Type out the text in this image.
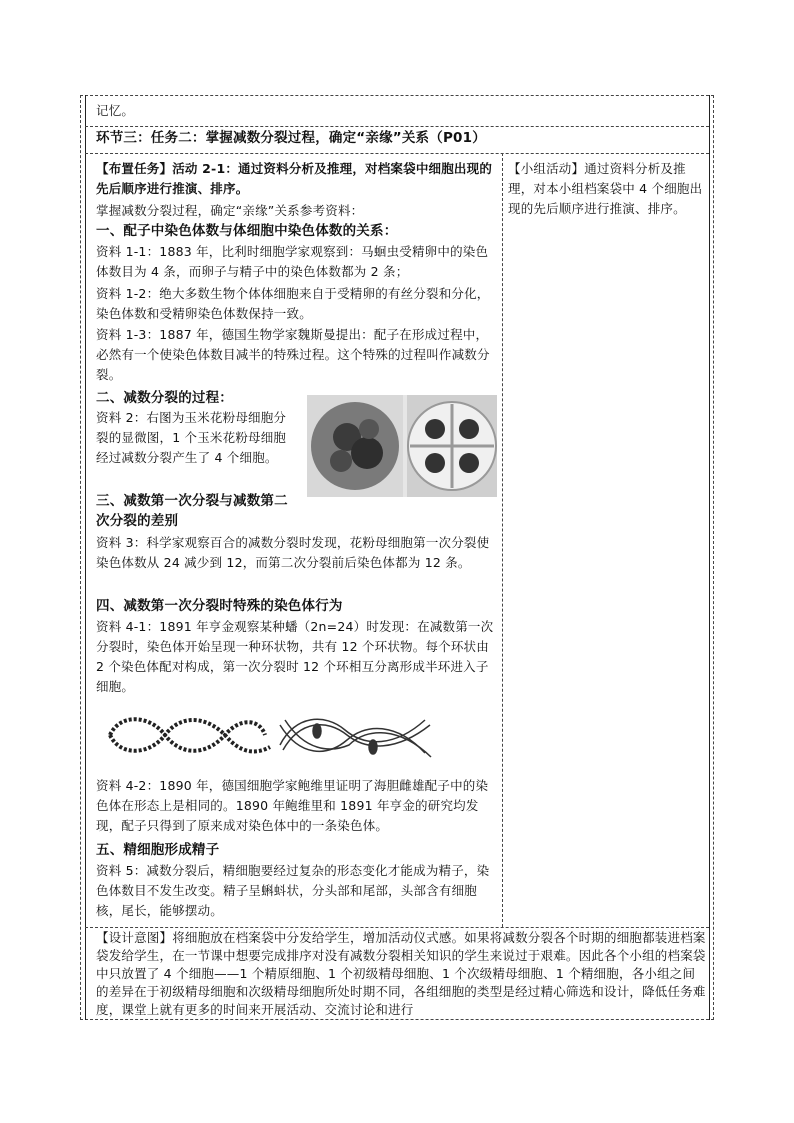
记忆。
环节三：任务二：掌握减数分裂过程，确定“亲缘”关系（P01）
【布置任务】活动 2-1：通过资料分析及推理，对档案袋中细胞出现的先后顺序进行推演、排序。
掌握减数分裂过程，确定“亲缘”关系参考资料：
一、配子中染色体数与体细胞中染色体数的关系：
资料 1-1：1883 年，比利时细胞学家观察到：马蛔虫受精卵中的染色体数目为 4 条，而卵子与精子中的染色体数都为 2 条；
资料 1-2：绝大多数生物个体体细胞来自于受精卵的有丝分裂和分化，染色体数和受精卵染色体数保持一致。
资料 1-3：1887 年，德国生物学家魏斯曼提出：配子在形成过程中，必然有一个使染色体数目减半的特殊过程。这个特殊的过程叫作减数分裂。
二、减数分裂的过程：
资料 2：右图为玉米花粉母细胞分裂的显微图，1 个玉米花粉母细胞经过减数分裂产生了 4 个细胞。
三、减数第一次分裂与减数第二次分裂的差别
资料 3：科学家观察百合的减数分裂时发现，花粉母细胞第一次分裂使染色体数从 24 减少到 12，而第二次分裂前后染色体都为 12 条。
四、减数第一次分裂时特殊的染色体行为
资料 4-1：1891 年亨金观察某种蟠（2n=24）时发现：在减数第一次分裂时，染色体开始呈现一种环状物，共有 12 个环状物。每个环状由 2 个染色体配对构成，第一次分裂时 12 个环相互分离形成半环进入子细胞。
资料 4-2：1890 年，德国细胞学家鲍维里证明了海胆雌雄配子中的染色体在形态上是相同的。1890 年鲍维里和 1891 年亨金的研究均发现，配子只得到了原来成对染色体中的一条染色体。
五、精细胞形成精子
资料 5：减数分裂后，精细胞要经过复杂的形态变化才能成为精子，染色体数目不发生改变。精子呈蝌蚪状，分头部和尾部，头部含有细胞核，尾长，能够摆动。
【小组活动】通过资料分析及推理，对本小组档案袋中 4 个细胞出现的先后顺序进行推演、排序。
【设计意图】将细胞放在档案袋中分发给学生，增加活动仪式感。如果将减数分裂各个时期的细胞都装进档案袋发给学生，在一节课中想要完成排序对没有减数分裂相关知识的学生来说过于艰难。因此各个小组的档案袋中只放置了 4 个细胞——1 个精原细胞、1 个初级精母细胞、1 个次级精母细胞、1 个精细胞，各小组之间的差异在于初级精母细胞和次级精母细胞所处时期不同，各组细胞的类型是经过精心筛选和设计，降低任务难度，课堂上就有更多的时间来开展活动、交流讨论和进行
